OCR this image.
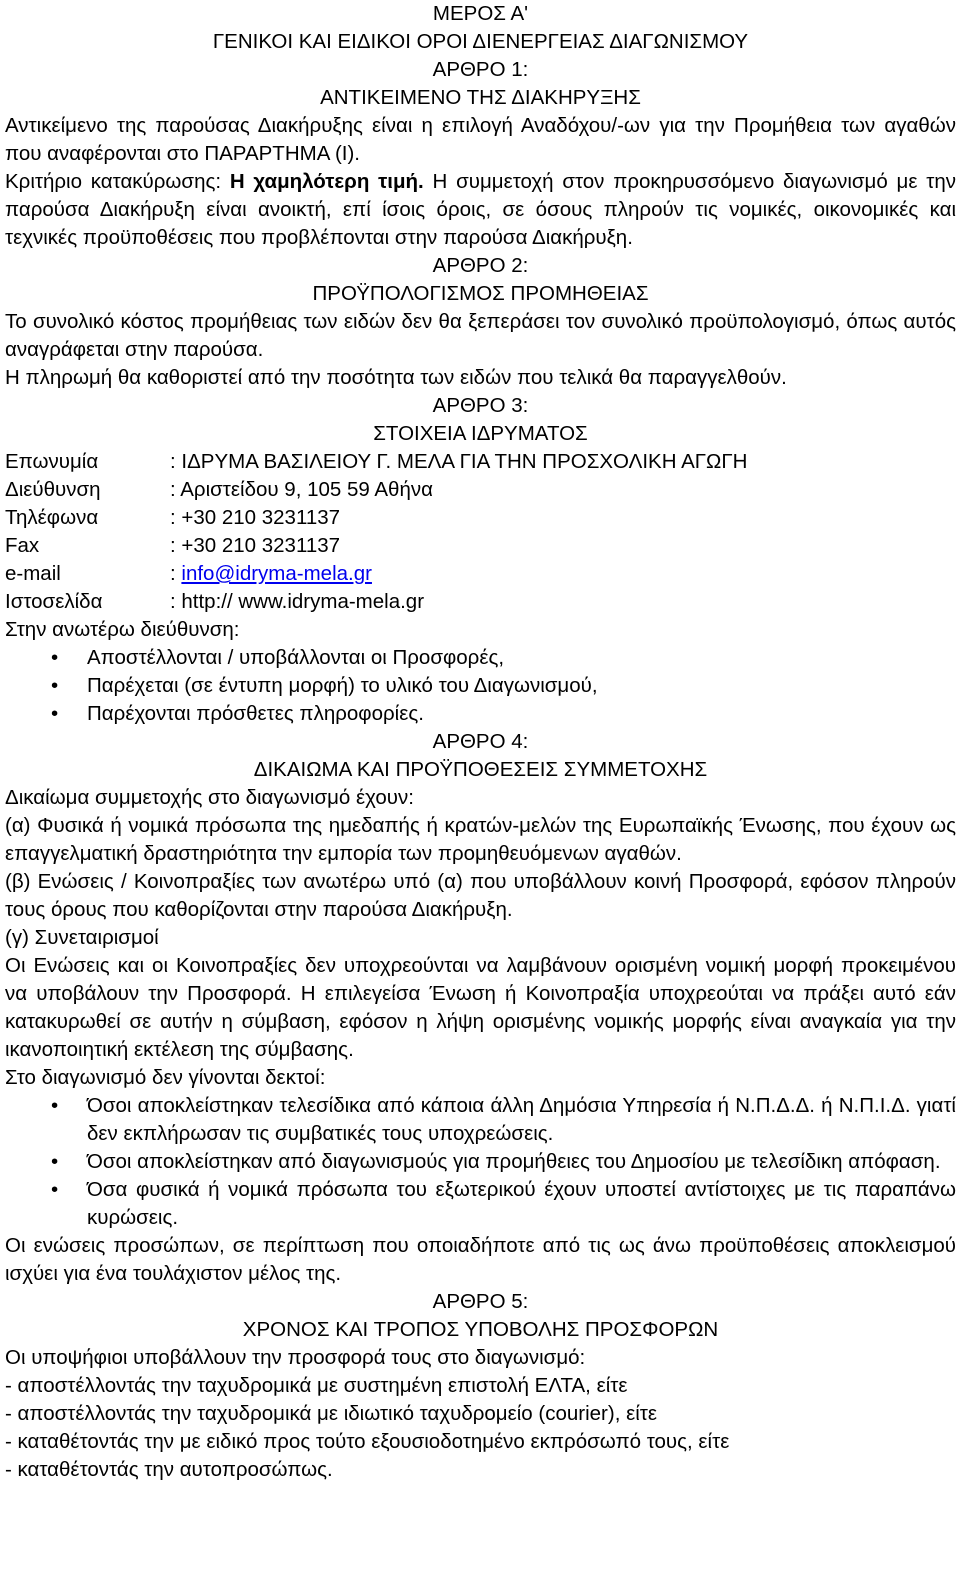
ΜΕΡΟΣ Α'
ΓΕΝΙΚΟΙ ΚΑΙ ΕΙΔΙΚΟΙ ΟΡΟΙ ΔΙΕΝΕΡΓΕΙΑΣ ΔΙΑΓΩΝΙΣΜΟΥ
ΑΡΘΡΟ 1:
ΑΝΤΙΚΕΙΜΕΝΟ ΤΗΣ ΔΙΑΚΗΡΥΞΗΣ

Αντικείμενο της παρούσας Διακήρυξης είναι η επιλογή Αναδόχου/-ων για την Προμήθεια των αγαθών που αναφέρονται στο ΠΑΡΑΡΤΗΜΑ (Ι).

Κριτήριο κατακύρωσης: Η χαμηλότερη τιμή. Η συμμετοχή στον προκηρυσσόμενο διαγωνισμό με την παρούσα Διακήρυξη είναι ανοικτή, επί ίσοις όροις, σε όσους πληρούν τις νομικές, οικονομικές και τεχνικές προϋποθέσεις που προβλέπονται στην παρούσα Διακήρυξη.

ΑΡΘΡΟ 2:
ΠΡΟΫΠΟΛΟΓΙΣΜΟΣ ΠΡΟΜΗΘΕΙΑΣ

Το συνολικό κόστος προμήθειας των ειδών δεν θα ξεπεράσει τον συνολικό προϋπολογισμό, όπως αυτός αναγράφεται στην παρούσα.

Η πληρωμή θα καθοριστεί από την ποσότητα των ειδών που τελικά θα παραγγελθούν.

ΑΡΘΡΟ 3:
ΣΤΟΙΧΕΙΑ ΙΔΡΥΜΑΤΟΣ
Επωνυμία	: ΙΔΡΥΜΑ ΒΑΣΙΛΕΙΟΥ Γ. ΜΕΛΑ ΓΙΑ ΤΗΝ ΠΡΟΣΧΟΛΙΚΗ ΑΓΩΓΗ
Διεύθυνση	: Αριστείδου 9, 105 59 Αθήνα
Τηλέφωνα	: +30 210 3231137
Fax	: +30 210 3231137
e-mail	: info@idryma-mela.gr
Ιστοσελίδα	: http:// www.idryma-mela.gr

Στην ανωτέρω διεύθυνση:

• Αποστέλλονται / υποβάλλονται οι Προσφορές,
• Παρέχεται (σε έντυπη μορφή) το υλικό του Διαγωνισμού,
• Παρέχονται πρόσθετες πληροφορίες.
ΑΡΘΡΟ 4:
ΔΙΚΑΙΩΜΑ ΚΑΙ ΠΡΟΫΠΟΘΕΣΕΙΣ ΣΥΜΜΕΤΟΧΗΣ

Δικαίωμα συμμετοχής στο διαγωνισμό έχουν:

(α) Φυσικά ή νομικά πρόσωπα της ημεδαπής ή κρατών-μελών της Ευρωπαϊκής Ένωσης, που έχουν ως επαγγελματική δραστηριότητα την εμπορία των προμηθευόμενων αγαθών.

(β) Ενώσεις / Κοινοπραξίες των ανωτέρω υπό (α) που υποβάλλουν κοινή Προσφορά, εφόσον πληρούν τους όρους που καθορίζονται στην παρούσα Διακήρυξη.

(γ) Συνεταιρισμοί

Οι Ενώσεις και οι Κοινοπραξίες δεν υποχρεούνται να λαμβάνουν ορισμένη νομική μορφή προκειμένου να υποβάλουν την Προσφορά. Η επιλεγείσα Ένωση ή Κοινοπραξία υποχρεούται να πράξει αυτό εάν κατακυρωθεί σε αυτήν η σύμβαση, εφόσον η λήψη ορισμένης νομικής μορφής είναι αναγκαία για την ικανοποιητική εκτέλεση της σύμβασης.

Στο διαγωνισμό δεν γίνονται δεκτοί:

• Όσοι αποκλείστηκαν τελεσίδικα από κάποια άλλη Δημόσια Υπηρεσία ή Ν.Π.Δ.Δ. ή Ν.Π.Ι.Δ. γιατί δεν εκπλήρωσαν τις συμβατικές τους υποχρεώσεις.
• Όσοι αποκλείστηκαν από διαγωνισμούς για προμήθειες του Δημοσίου με τελεσίδικη απόφαση.
• Όσα φυσικά ή νομικά πρόσωπα του εξωτερικού έχουν υποστεί αντίστοιχες με τις παραπάνω κυρώσεις.

Οι ενώσεις προσώπων, σε περίπτωση που οποιαδήποτε από τις ως άνω προϋποθέσεις αποκλεισμού ισχύει για ένα τουλάχιστον μέλος της.

ΑΡΘΡΟ 5:
ΧΡΟΝΟΣ ΚΑΙ ΤΡΟΠΟΣ ΥΠΟΒΟΛΗΣ ΠΡΟΣΦΟΡΩΝ

Οι υποψήφιοι υποβάλλουν την προσφορά τους στο διαγωνισμό:

- αποστέλλοντάς την ταχυδρομικά με συστημένη επιστολή ΕΛΤΑ, είτε
- αποστέλλοντάς την ταχυδρομικά με ιδιωτικό ταχυδρομείο (courier), είτε
- καταθέτοντάς την με ειδικό προς τούτο εξουσιοδοτημένο εκπρόσωπό τους, είτε
- καταθέτοντάς την αυτοπροσώπως.
